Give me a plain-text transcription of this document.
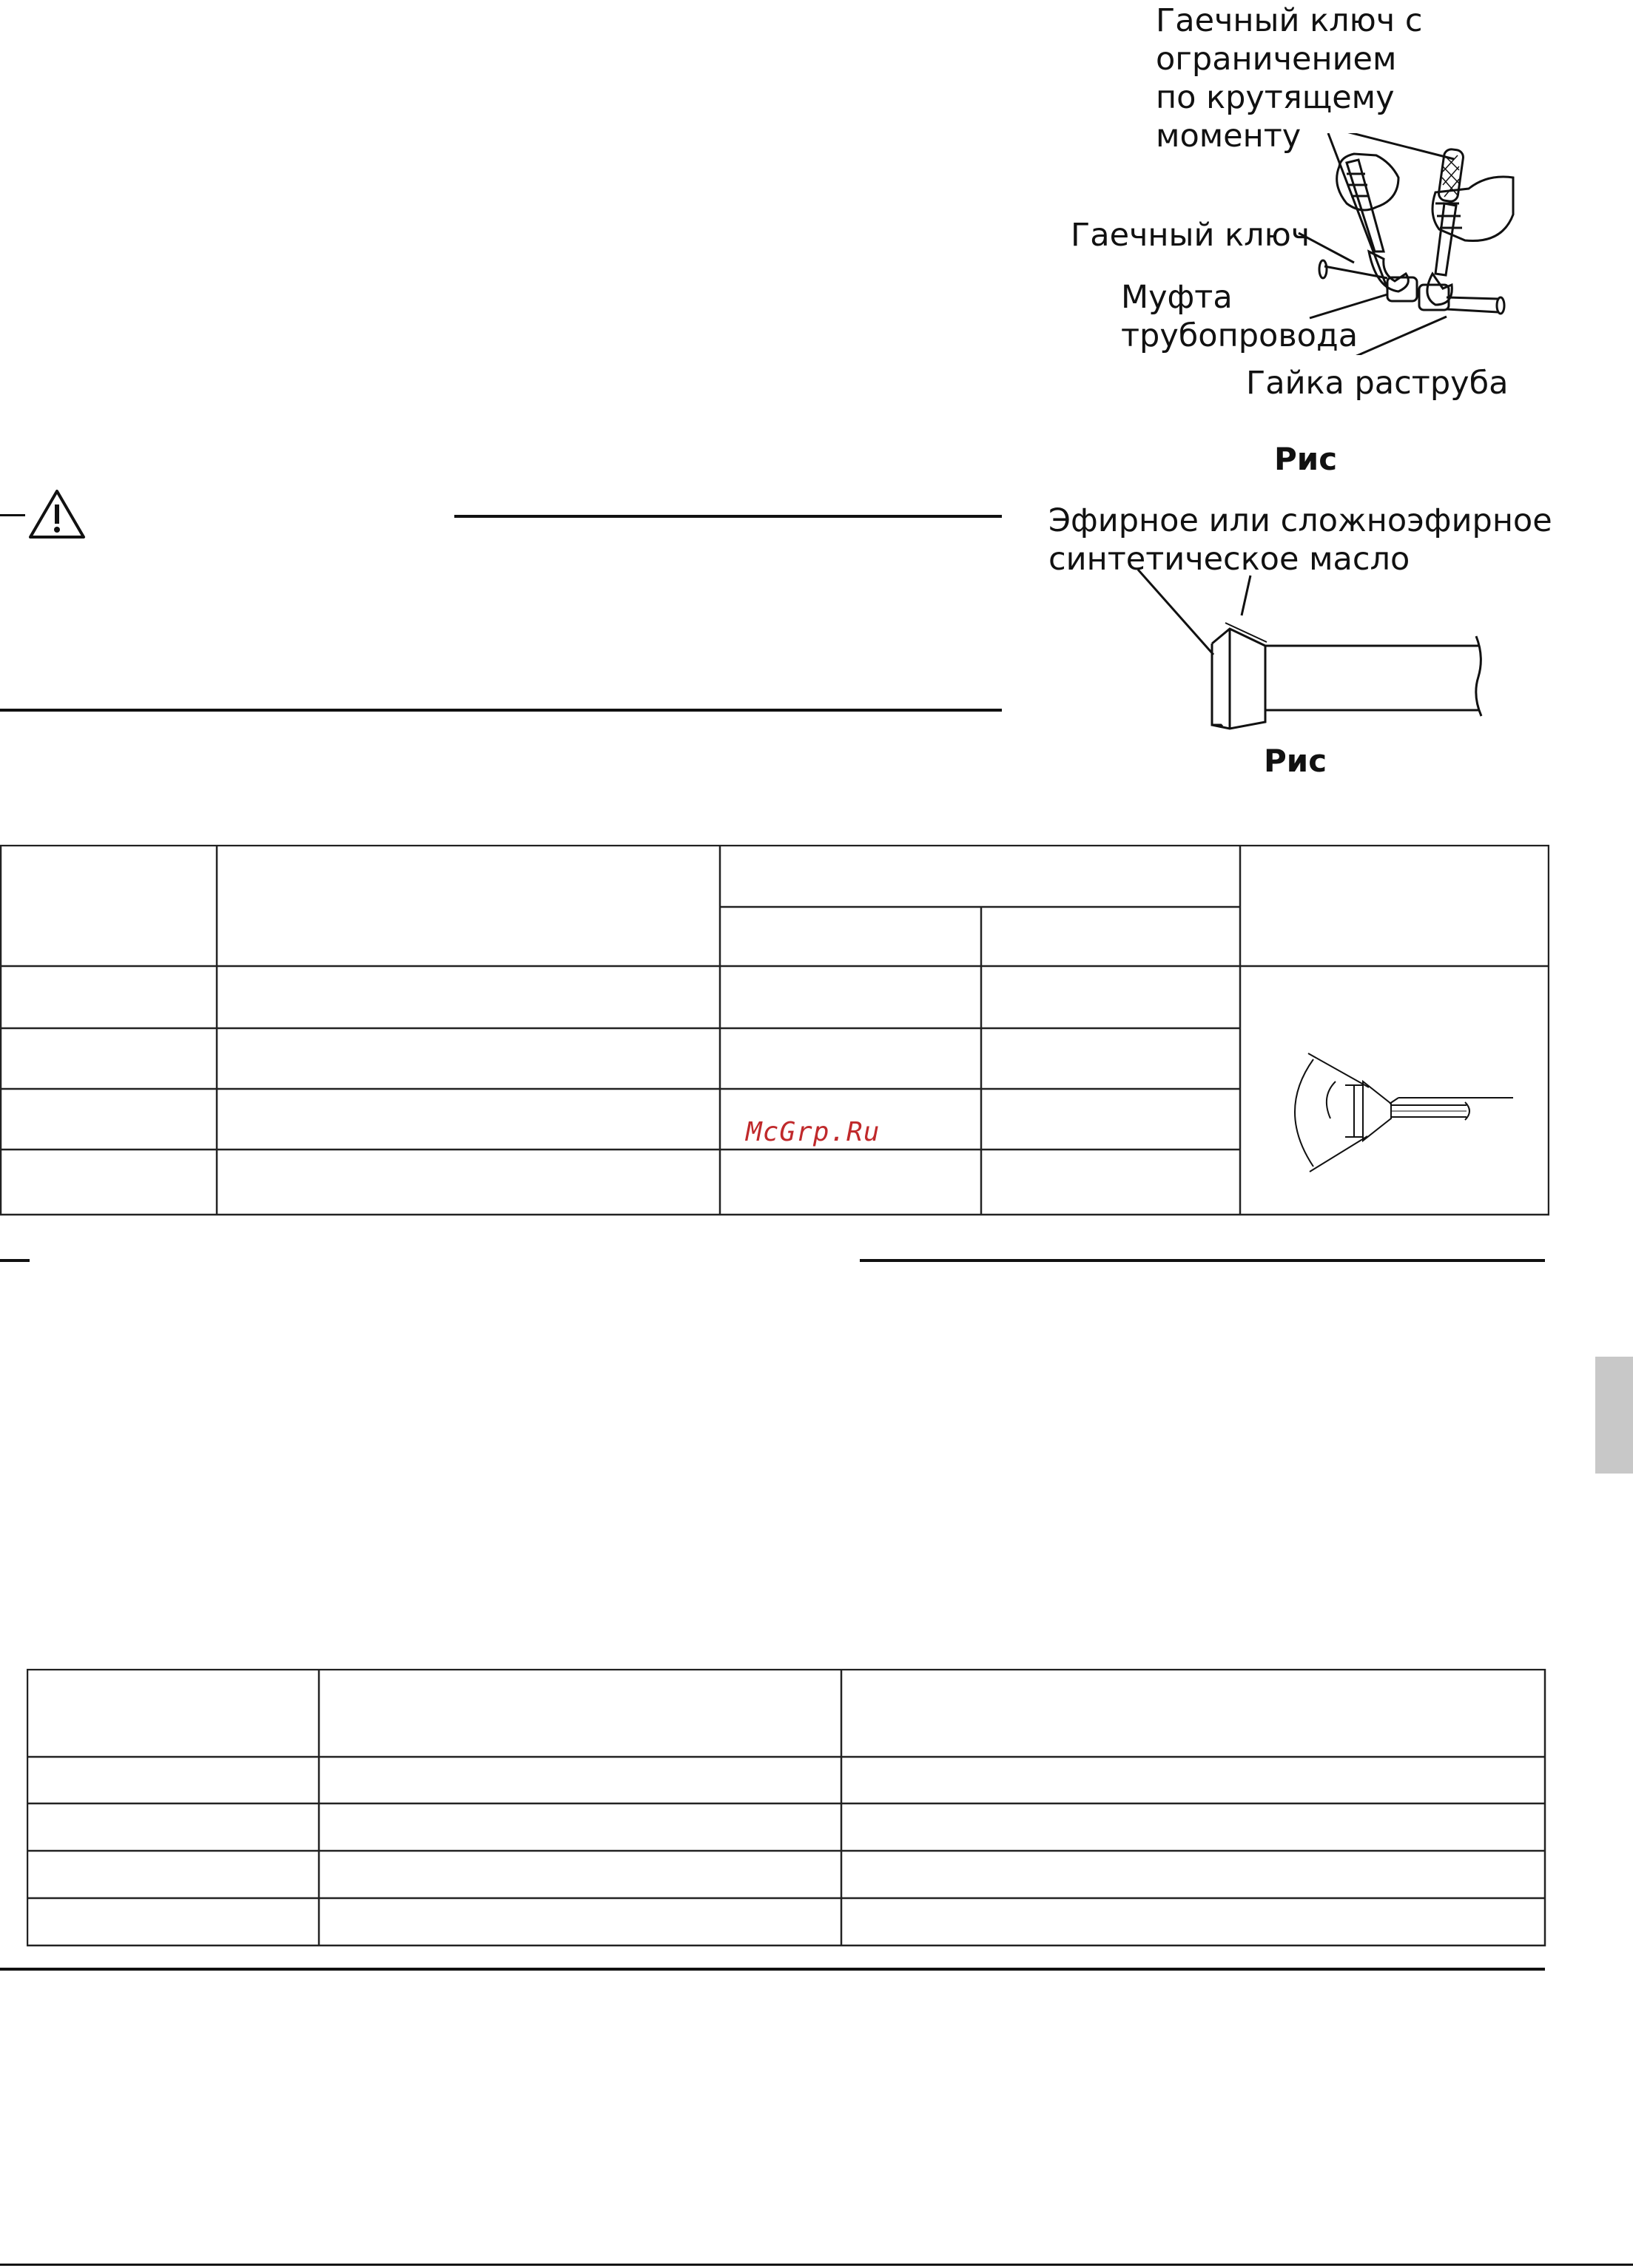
Гаечный ключ с
ограничением
по крутящему
моменту
Гаечный ключ
Муфта
трубопровода
Гайка раструба
Рис
Эфирное или сложноэфирное
синтетическое масло
Рис
McGrp.Ru
